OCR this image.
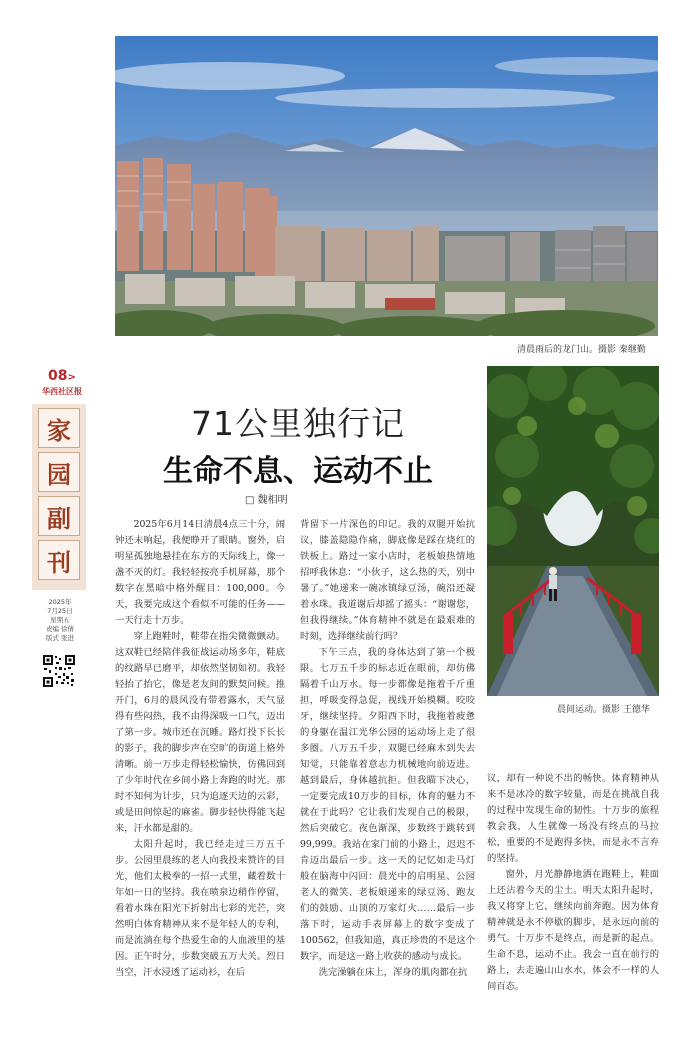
清晨雨后的龙门山。摄影 秦继勤
08>
华西社区报
家
园
副
刊
2025年
7月25日
星期五
责编 徐倩
版式 张进
71公里独行记
生命不息、运动不止
□ 魏相明
晨间运动。摄影 王德华

2025年6月14日清晨4点三十分，闹钟还未响起，我便睁开了眼睛。窗外，启明星孤独地悬挂在东方的天际线上，像一盏不灭的灯。我轻轻按亮手机屏幕，那个数字在黑暗中格外醒目：100,000。今天，我要完成这个看似不可能的任务——一天行走十万步。

穿上跑鞋时，鞋带在指尖微微颤动。这双鞋已经陪伴我征战运动场多年，鞋底的纹路早已磨平，却依然坚韧如初。我轻轻抬了抬它，像是老友间的默契问候。推开门，6月的晨风没有带着露水，天气显得有些闷热，我不由得深吸一口气，迈出了第一步。城市还在沉睡。路灯投下长长的影子，我的脚步声在空旷的街道上格外清晰。前一万步走得轻松愉快，仿佛回到了少年时代在乡间小路上奔跑的时光。那时不知何为计步，只为追逐天边的云彩，或是田间惊起的麻雀。脚步轻快得能飞起来，汗水都是甜的。

太阳升起时，我已经走过三万五千步。公园里晨练的老人向我投来赞许的目光，他们太极拳的一招一式里，藏着数十年如一日的坚持。我在喷泉边稍作停留，看着水珠在阳光下折射出七彩的光芒，突然明白体育精神从来不是年轻人的专利，而是流淌在每个热爱生命的人血液里的基因。正午时分，步数突破五万大关。烈日当空，汗水浸透了运动衫，在后

背留下一片深色的印记。我的双腿开始抗议，膝盖隐隐作痛，脚底像是踩在烧红的铁板上。路过一家小店时，老板娘热情地招呼我休息：“小伙子，这么热的天，别中暑了。”她递来一碗冰镇绿豆汤，碗沿还凝着水珠。我道谢后却摇了摇头：“谢谢您，但我得继续。”体育精神不就是在最艰难的时刻，选择继续前行吗？

下午三点，我的身体达到了第一个极限。七万五千步的标志近在眼前，却仿佛隔着千山万水。每一步都像是拖着千斤重担，呼吸变得急促，视线开始模糊。咬咬牙，继续坚持。夕阳西下时，我拖着疲惫的身躯在温江光华公园的运动场上走了很多圈。八万五千步，双腿已经麻木到失去知觉，只能靠着意志力机械地向前迈进。越到最后，身体越抗拒。但我瞄下决心，一定要完成10万步的目标，体育的魅力不就在于此吗？它让我们发现自己的极限，然后突破它。夜色渐深，步数终于跳转到99,999。我站在家门前的小路上，迟迟不肯迈出最后一步。这一天的记忆如走马灯般在脑海中闪回：晨光中的启明星、公园老人的微笑、老板娘递来的绿豆汤、跑友们的鼓励、山顶的万家灯火……最后一步落下时，运动手表屏幕上的数字变成了100562，但我知道，真正珍贵的不是这个数字，而是这一路上收获的感动与成长。

洗完澡躺在床上，浑身的肌肉都在抗

议，却有一种说不出的畅快。体育精神从来不是冰冷的数字较量，而是在挑战自我的过程中发现生命的韧性。十万步的旅程教会我，人生就像一场没有终点的马拉松，重要的不是跑得多快，而是永不言弃的坚持。

窗外，月光静静地洒在跑鞋上，鞋面上还沾着今天的尘土。明天太阳升起时，我又将穿上它，继续向前奔跑。因为体育精神就是永不停歇的脚步，是永远向前的勇气。十万步不是终点，而是新的起点。生命不息，运动不止。我会一直在前行的路上，去走遍山山水水，体会不一样的人间百态。
